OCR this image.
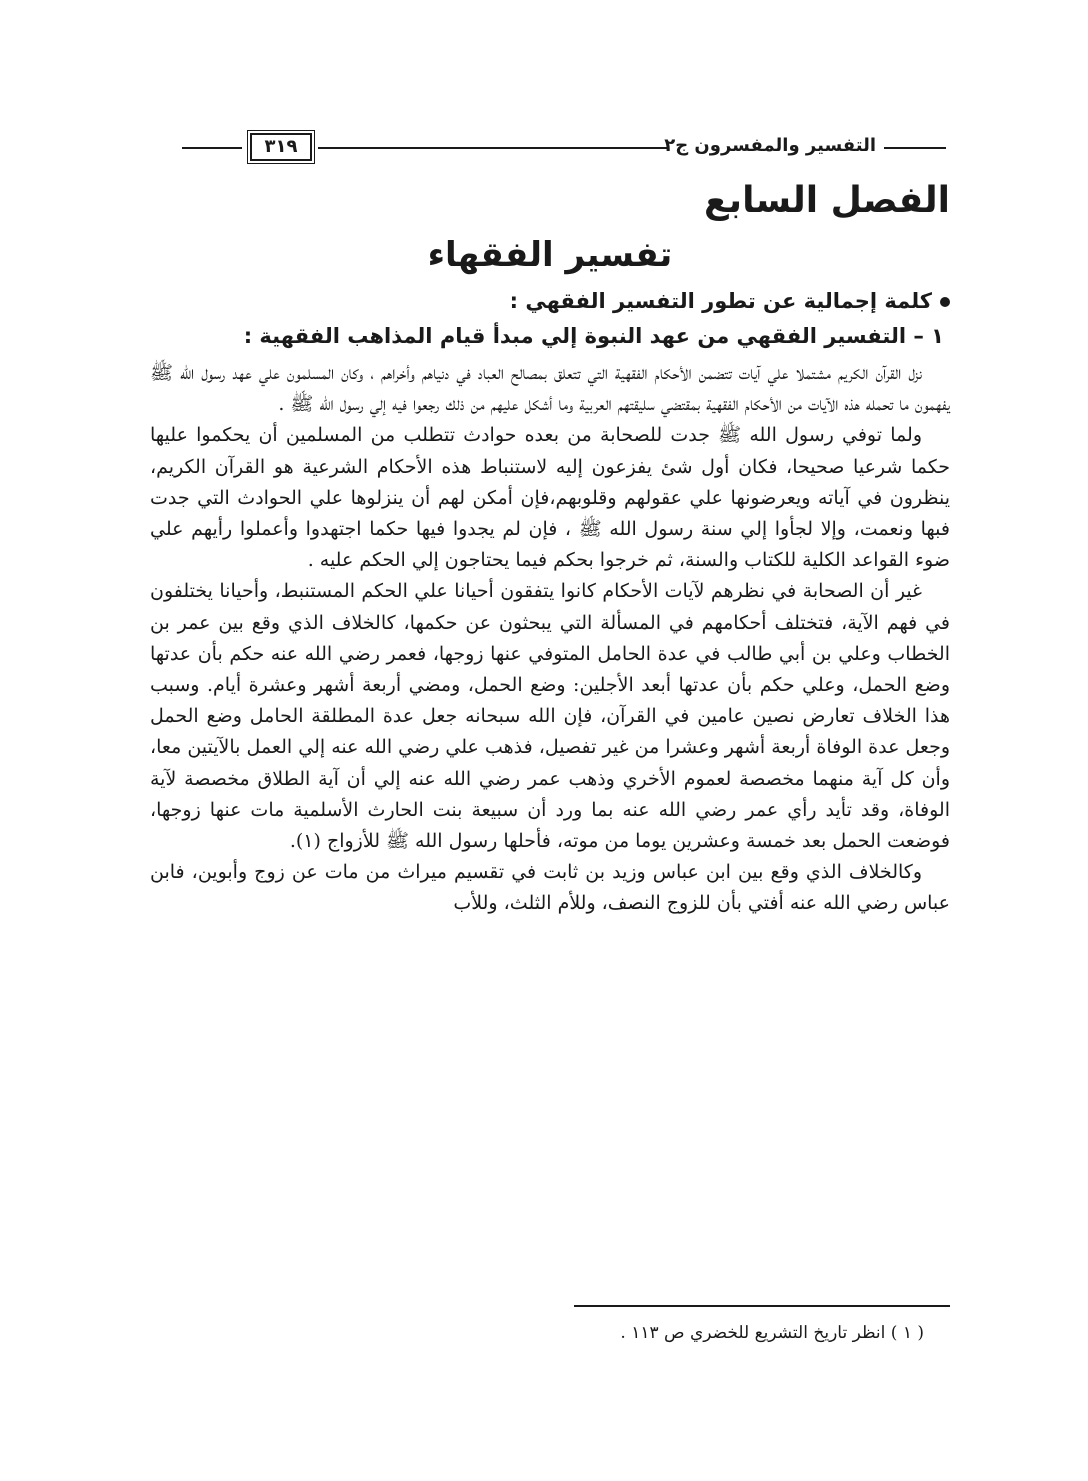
٣١٩	التفسير والمفسرون ج٢
الفصل السابع
تفسير الفقهاء
كلمة إجمالية عن تطور التفسير الفقهي :
١ – التفسير الفقهي من عهد النبوة إلي مبدأ قيام المذاهب الفقهية :

نزل القرآن الكريم مشتملا علي آيات تتضمن الأحكام الفقهية التي تتعلق بمصالح العباد في دنياهم وأخراهم ، وكان المسلمون علي عهد رسول الله ﷺ يفهمون ما تحمله هذه الآيات من الأحكام الفقهية بمقتضي سليقتهم العربية وما أشكل عليهم من ذلك رجعوا فيه إلي رسول الله ﷺ .

ولما توفي رسول الله ﷺ جدت للصحابة من بعده حوادث تتطلب من المسلمين أن يحكموا عليها حكما شرعيا صحيحا، فكان أول شئ يفزعون إليه لاستنباط هذه الأحكام الشرعية هو القرآن الكريم، ينظرون في آياته ويعرضونها علي عقولهم وقلوبهم،فإن أمكن لهم أن ينزلوها علي الحوادث التي جدت فبها ونعمت، وإلا لجأوا إلي سنة رسول الله ﷺ ، فإن لم يجدوا فيها حكما اجتهدوا وأعملوا رأيهم علي ضوء القواعد الكلية للكتاب والسنة، ثم خرجوا بحكم فيما يحتاجون إلي الحكم عليه .

غير أن الصحابة في نظرهم لآيات الأحكام كانوا يتفقون أحيانا علي الحكم المستنبط، وأحيانا يختلفون في فهم الآية، فتختلف أحكامهم في المسألة التي يبحثون عن حكمها، كالخلاف الذي وقع بين عمر بن الخطاب وعلي بن أبي طالب في عدة الحامل المتوفي عنها زوجها، فعمر رضي الله عنه حكم بأن عدتها وضع الحمل، وعلي حكم بأن عدتها أبعد الأجلين: وضع الحمل، ومضي أربعة أشهر وعشرة أيام. وسبب هذا الخلاف تعارض نصين عامين في القرآن، فإن الله سبحانه جعل عدة المطلقة الحامل وضع الحمل وجعل عدة الوفاة أربعة أشهر وعشرا من غير تفصيل، فذهب علي رضي الله عنه إلي العمل بالآيتين معا، وأن كل آية منهما مخصصة لعموم الأخري وذهب عمر رضي الله عنه إلي أن آية الطلاق مخصصة لآية الوفاة، وقد تأيد رأي عمر رضي الله عنه بما ورد أن سبيعة بنت الحارث الأسلمية مات عنها زوجها، فوضعت الحمل بعد خمسة وعشرين يوما من موته، فأحلها رسول الله ﷺ للأزواج (١).

وكالخلاف الذي وقع بين ابن عباس وزيد بن ثابت في تقسيم ميراث من مات عن زوج وأبوين، فابن عباس رضي الله عنه أفتي بأن للزوج النصف، وللأم الثلث، وللأب

( ١ ) انظر تاريخ التشريع للخضري ص ١١٣ .
